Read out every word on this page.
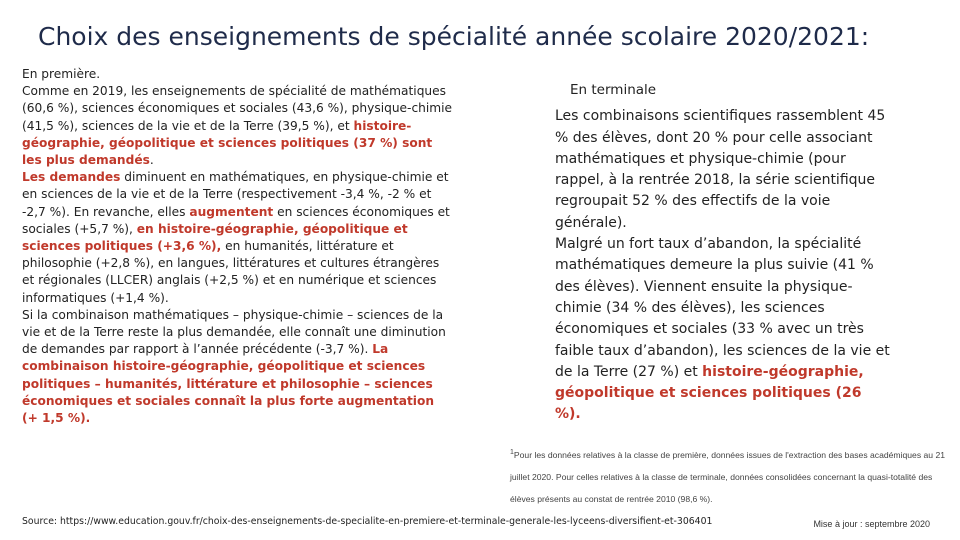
Choix des enseignements de spécialité année scolaire 2020/2021:

En première.

Comme en 2019, les enseignements de spécialité de mathématiques (60,6 %), sciences économiques et sociales (43,6 %), physique-chimie (41,5 %), sciences de la vie et de la Terre (39,5 %), et histoire-géographie, géopolitique et sciences politiques (37 %) sont les plus demandés.

Les demandes diminuent en mathématiques, en physique-chimie et en sciences de la vie et de la Terre (respectivement -3,4 %, -2 % et -2,7 %). En revanche, elles augmentent en sciences économiques et sociales (+5,7 %), en histoire-géographie, géopolitique et sciences politiques (+3,6 %), en humanités, littérature et philosophie (+2,8 %), en langues, littératures et cultures étrangères et régionales (LLCER) anglais (+2,5 %) et en numérique et sciences informatiques (+1,4 %).

Si la combinaison mathématiques – physique-chimie – sciences de la vie et de la Terre reste la plus demandée, elle connaît une diminution de demandes par rapport à l’année précédente (-3,7 %). La combinaison histoire-géographie, géopolitique et sciences politiques – humanités, littérature et philosophie – sciences économiques et sociales connaît la plus forte augmentation (+ 1,5 %).

En terminale

Les combinaisons scientifiques rassemblent 45 % des élèves, dont 20 % pour celle associant mathématiques et physique-chimie (pour rappel, à la rentrée 2018, la série scientifique regroupait 52 % des effectifs de la voie générale).

Malgré un fort taux d’abandon, la spécialité mathématiques demeure la plus suivie (41 % des élèves). Viennent ensuite la physique-chimie (34 % des élèves), les sciences économiques et sociales (33 % avec un très faible taux d’abandon), les sciences de la vie et de la Terre (27 %) et histoire-géographie, géopolitique et sciences politiques (26 %).

$^1$Pour les données relatives à la classe de première, données issues de l'extraction des bases académiques au 21 juillet 2020. Pour celles relatives à la classe de terminale, données consolidées concernant la quasi-totalité des élèves présents au constat de rentrée 2010 (98,6 %).
Source: https://www.education.gouv.fr/choix-des-enseignements-de-specialite-en-premiere-et-terminale-generale-les-lyceens-diversifient-et-306401	Mise à jour : septembre 2020
